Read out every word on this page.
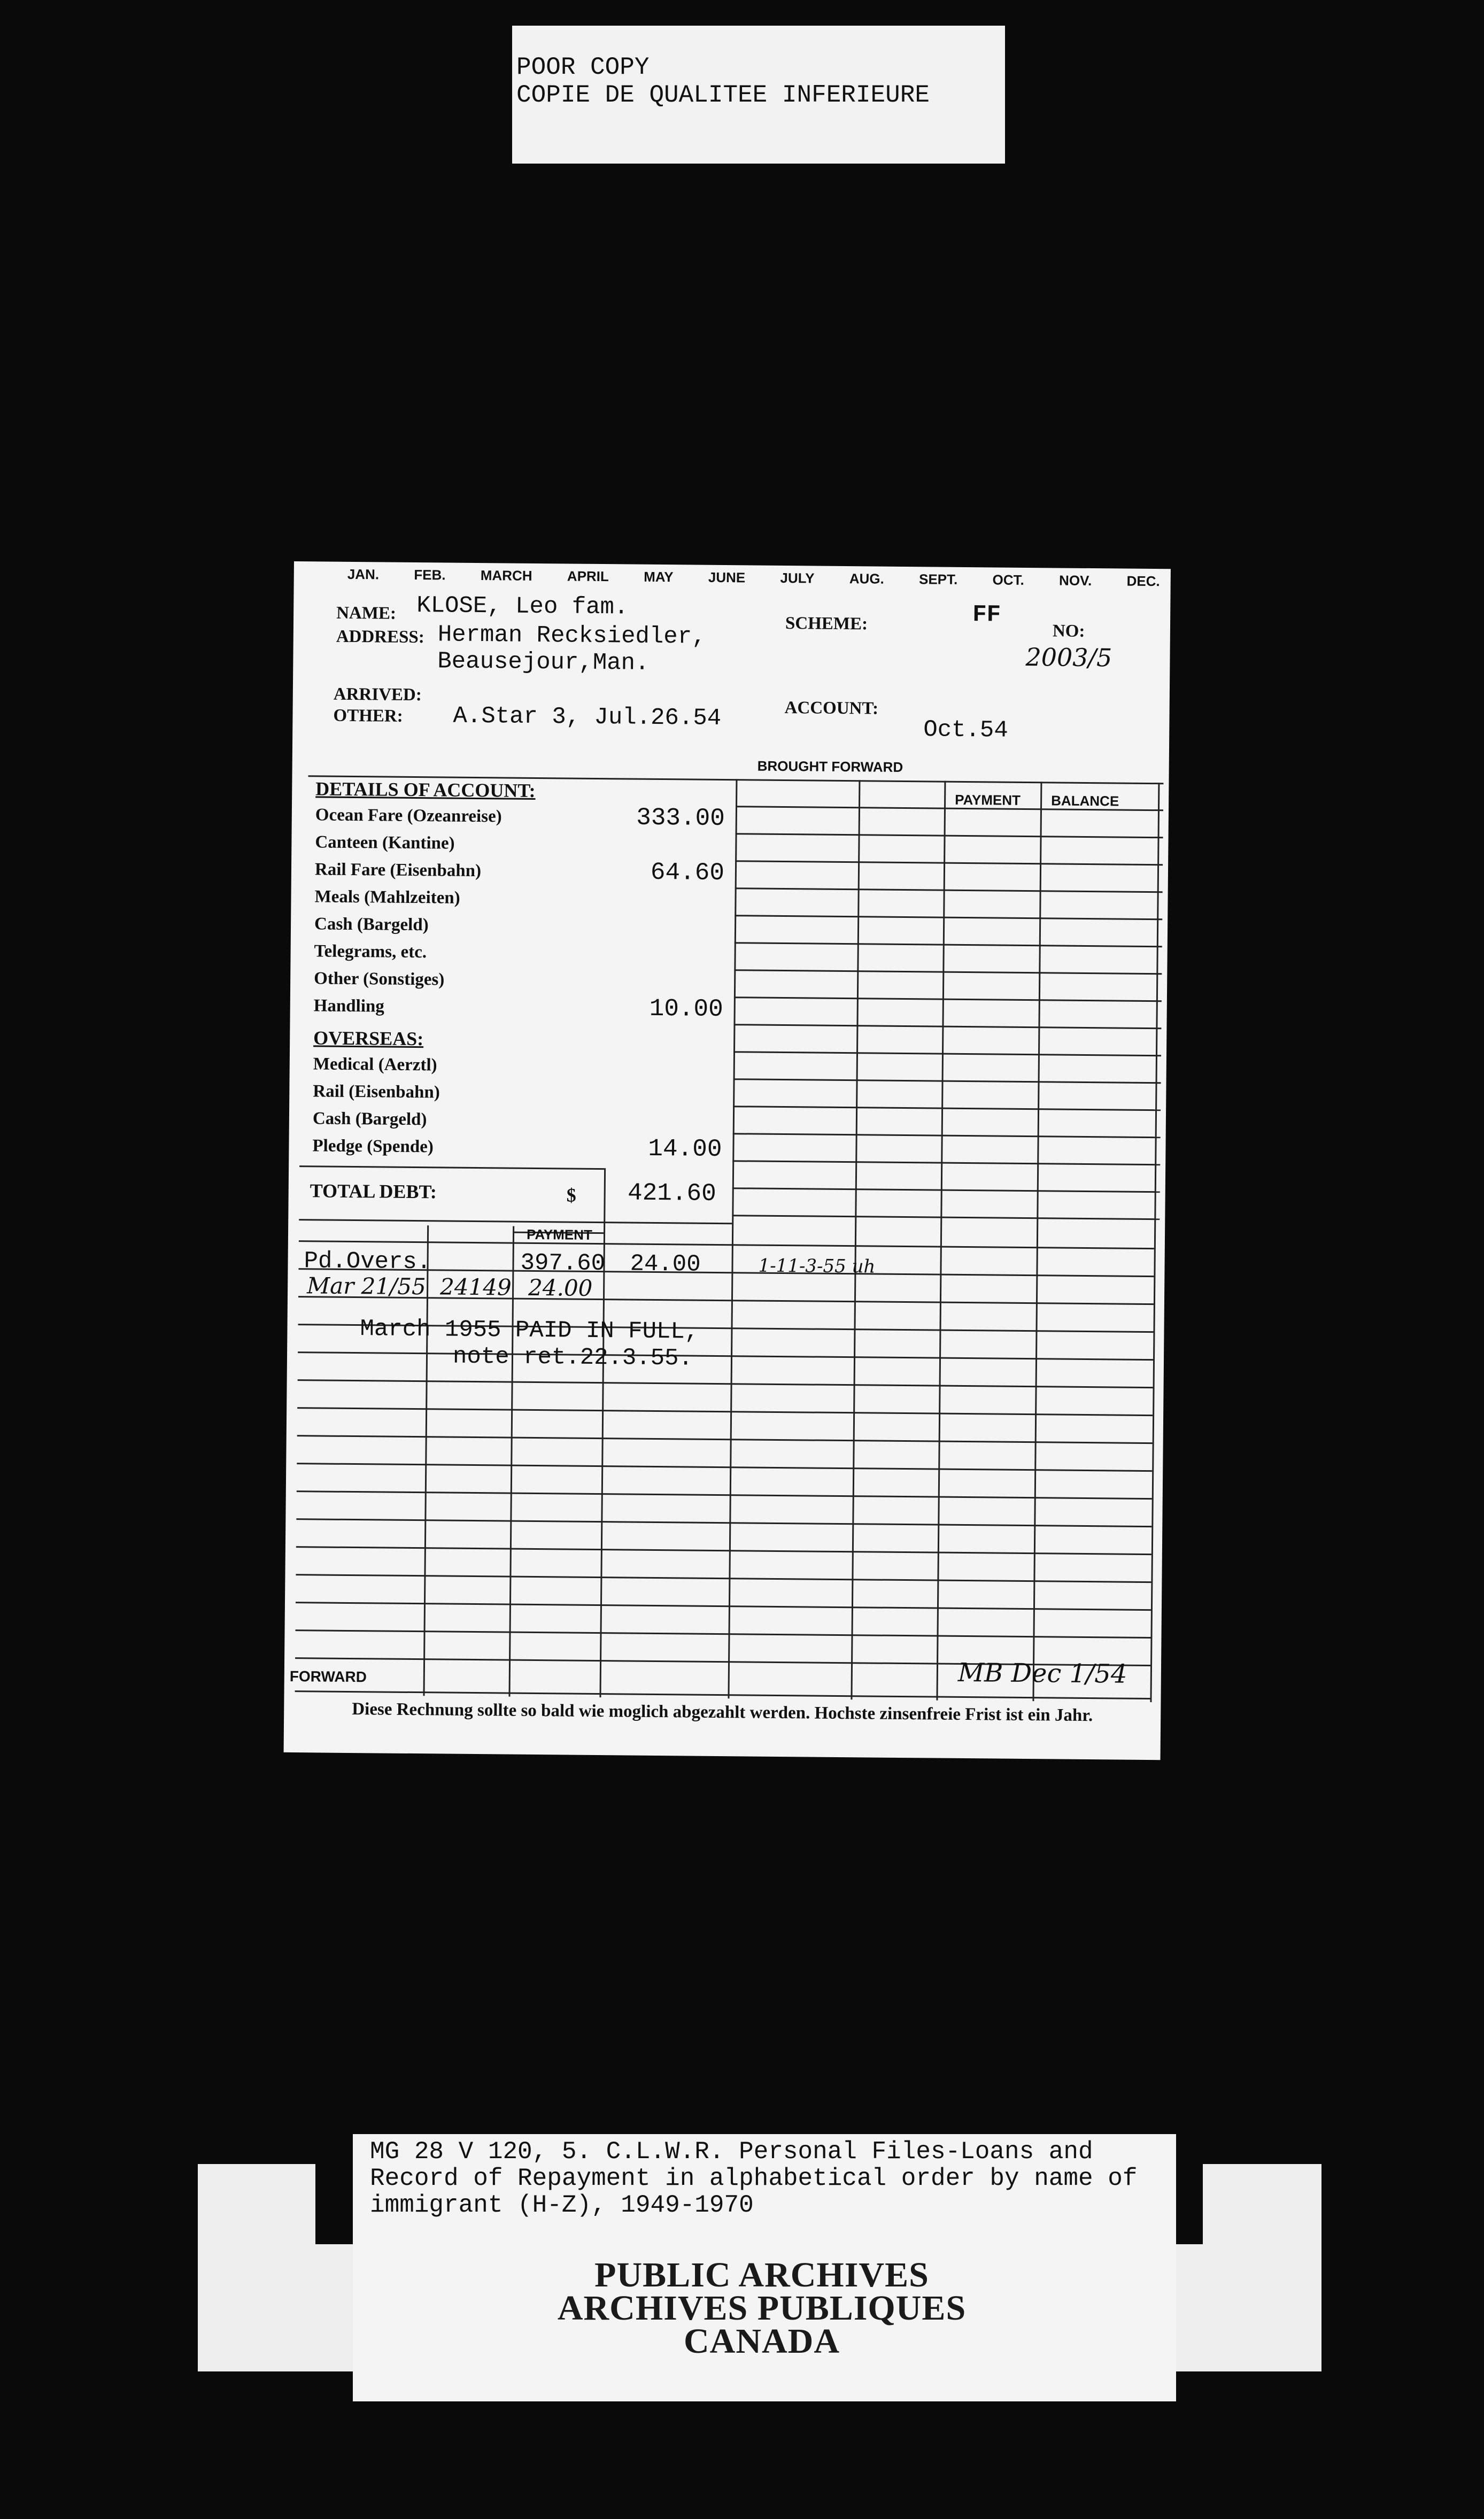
POOR COPY
COPIE DE QUALITEE INFERIEURE
JAN.	FEB.	MARCH	APRIL	MAY	JUNE	JULY	AUG.	SEPT.	OCT.	NOV.	DEC.
NAME: KLOSE, Leo fam.
ADDRESS: Herman Recksiedler,
Beausejour,Man.
SCHEME:	FF
NO:
2003/5
ARRIVED:
OTHER: A.Star 3, Jul.26.54	ACCOUNT:
Oct.54
BROUGHT FORWARD
PAYMENT BALANCE
DETAILS OF ACCOUNT:
Ocean Fare (Ozeanreise)	333.00
Canteen (Kantine)
Rail Fare (Eisenbahn)	64.60
Meals (Mahlzeiten)
Cash (Bargeld)
Telegrams, etc.
Other (Sonstiges)
Handling	10.00
OVERSEAS:
Medical (Aerztl)
Rail (Eisenbahn)
Cash (Bargeld)
Pledge (Spende)	14.00
TOTAL DEBT:	$	421.60
PAYMENT
Pd.Overs.	397.60 24.00	1-11-3-55 uh
Mar 21/55 24149 24.00
March 1955 PAID IN FULL,
note ret.22.3.55.
FORWARD	MB Dec 1/54
Diese Rechnung sollte so bald wie moglich abgezahlt werden. Hochste zinsenfreie Frist ist ein Jahr.
MG 28 V 120, 5. C.L.W.R. Personal Files-Loans and Record of Repayment in alphabetical order by name of immigrant (H-Z), 1949-1970
PUBLIC ARCHIVES
ARCHIVES PUBLIQUES
CANADA
